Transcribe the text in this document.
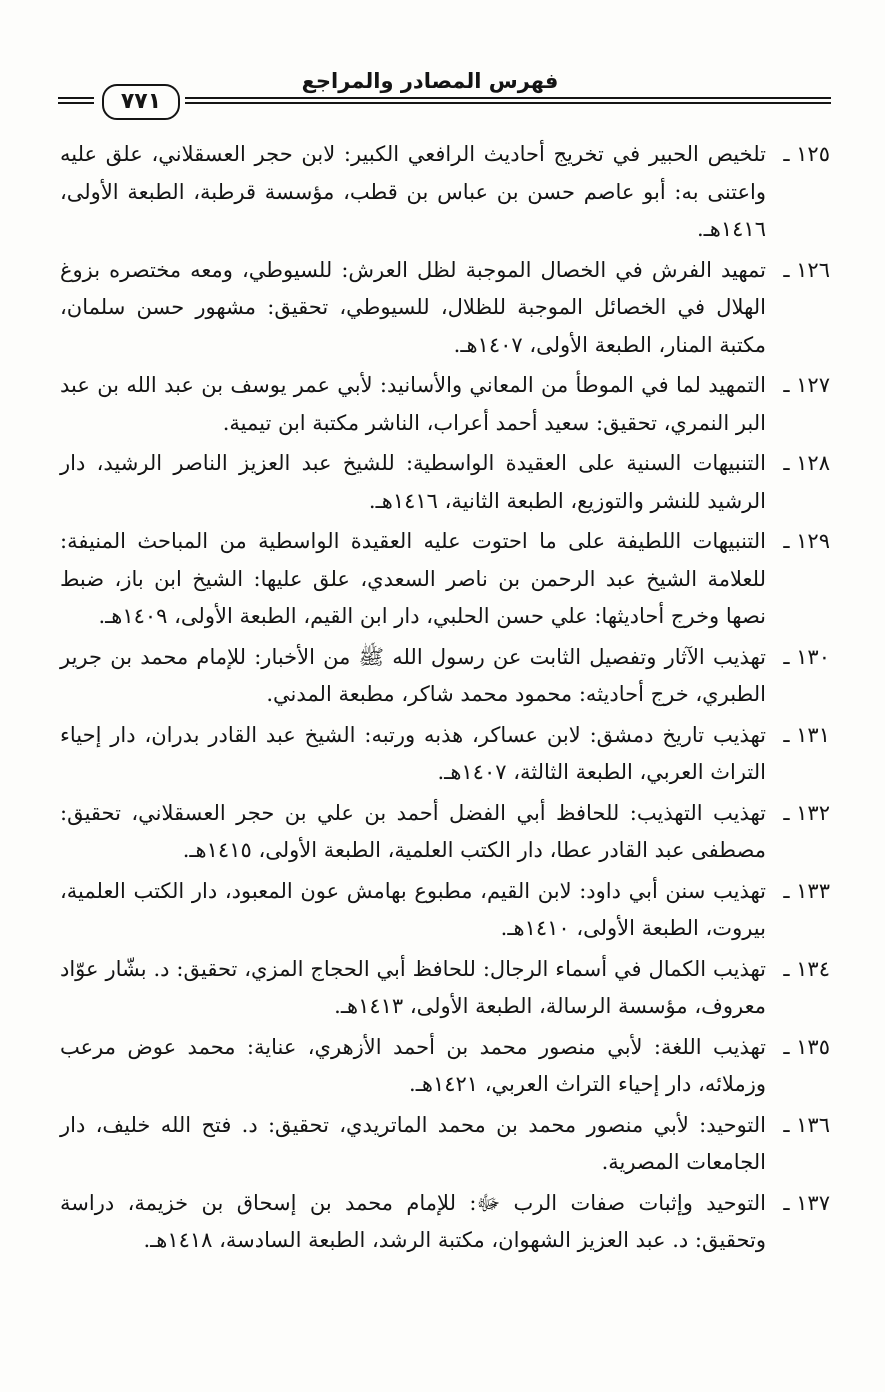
فهرس المصادر والمراجع
٧٧١
١٢٥ ـ
تلخيص الحبير في تخريج أحاديث الرافعي الكبير: لابن حجر العسقلاني، علق عليه واعتنى به: أبو عاصم حسن بن عباس بن قطب، مؤسسة قرطبة، الطبعة الأولى، ١٤١٦هـ.
١٢٦ ـ
تمهيد الفرش في الخصال الموجبة لظل العرش: للسيوطي، ومعه مختصره بزوغ الهلال في الخصائل الموجبة للظلال، للسيوطي، تحقيق: مشهور حسن سلمان، مكتبة المنار، الطبعة الأولى، ١٤٠٧هـ.
١٢٧ ـ
التمهيد لما في الموطأ من المعاني والأسانيد: لأبي عمر يوسف بن عبد الله بن عبد البر النمري، تحقيق: سعيد أحمد أعراب، الناشر مكتبة ابن تيمية.
١٢٨ ـ
التنبيهات السنية على العقيدة الواسطية: للشيخ عبد العزيز الناصر الرشيد، دار الرشيد للنشر والتوزيع، الطبعة الثانية، ١٤١٦هـ.
١٢٩ ـ
التنبيهات اللطيفة على ما احتوت عليه العقيدة الواسطية من المباحث المنيفة: للعلامة الشيخ عبد الرحمن بن ناصر السعدي، علق عليها: الشيخ ابن باز، ضبط نصها وخرج أحاديثها: علي حسن الحلبي، دار ابن القيم، الطبعة الأولى، ١٤٠٩هـ.
١٣٠ ـ
تهذيب الآثار وتفصيل الثابت عن رسول الله ﷺ من الأخبار: للإمام محمد بن جرير الطبري، خرج أحاديثه: محمود محمد شاكر، مطبعة المدني.
١٣١ ـ
تهذيب تاريخ دمشق: لابن عساكر، هذبه ورتبه: الشيخ عبد القادر بدران، دار إحياء التراث العربي، الطبعة الثالثة، ١٤٠٧هـ.
١٣٢ ـ
تهذيب التهذيب: للحافظ أبي الفضل أحمد بن علي بن حجر العسقلاني، تحقيق: مصطفى عبد القادر عطا، دار الكتب العلمية، الطبعة الأولى، ١٤١٥هـ.
١٣٣ ـ
تهذيب سنن أبي داود: لابن القيم، مطبوع بهامش عون المعبود، دار الكتب العلمية، بيروت، الطبعة الأولى، ١٤١٠هـ.
١٣٤ ـ
تهذيب الكمال في أسماء الرجال: للحافظ أبي الحجاج المزي، تحقيق: د. بشّار عوّاد معروف، مؤسسة الرسالة، الطبعة الأولى، ١٤١٣هـ.
١٣٥ ـ
تهذيب اللغة: لأبي منصور محمد بن أحمد الأزهري، عناية: محمد عوض مرعب وزملائه، دار إحياء التراث العربي، ١٤٢١هـ.
١٣٦ ـ
التوحيد: لأبي منصور محمد بن محمد الماتريدي، تحقيق: د. فتح الله خليف، دار الجامعات المصرية.
١٣٧ ـ
التوحيد وإثبات صفات الرب ﷻ: للإمام محمد بن إسحاق بن خزيمة، دراسة وتحقيق: د. عبد العزيز الشهوان، مكتبة الرشد، الطبعة السادسة، ١٤١٨هـ.
